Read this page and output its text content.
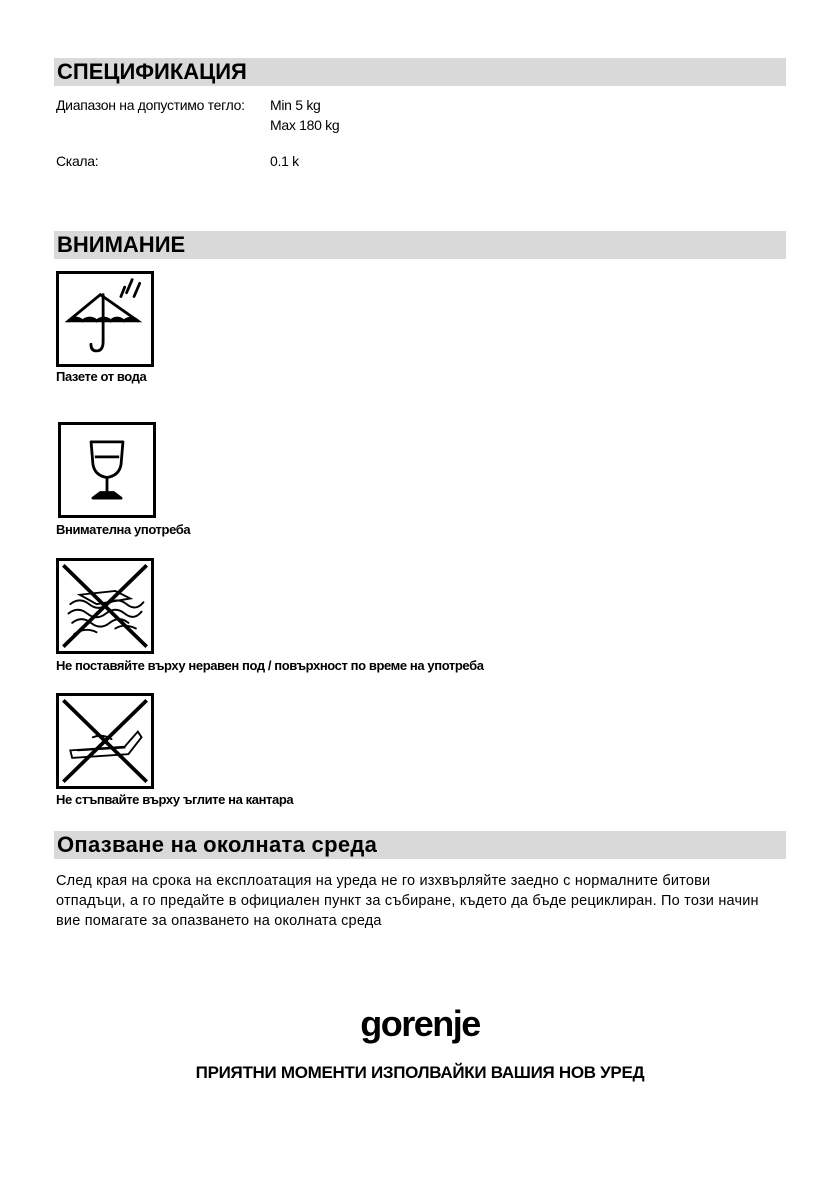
СПЕЦИФИКАЦИЯ
Диапазон на допустимо тегло: Min 5 kg
Max 180 kg
Скала:	0.1 k
ВНИМАНИЕ
Пазете от вода
Внимателна употреба
Не поставяйте върху неравен под / повърхност по време на употреба
Не стъпвайте върху ъглите на кантара
Опазване на околната среда
След края на срока на експлоатация на уреда не го изхвърляйте заедно с нормалните битови отпадъци, а го предайте в официален пункт за събиране, където да бъде рециклиран. По този начин вие помагате за опазването на околната среда
gorenje
ПРИЯТНИ МОМЕНТИ ИЗПОЛВАЙКИ ВАШИЯ НОВ УРЕД
